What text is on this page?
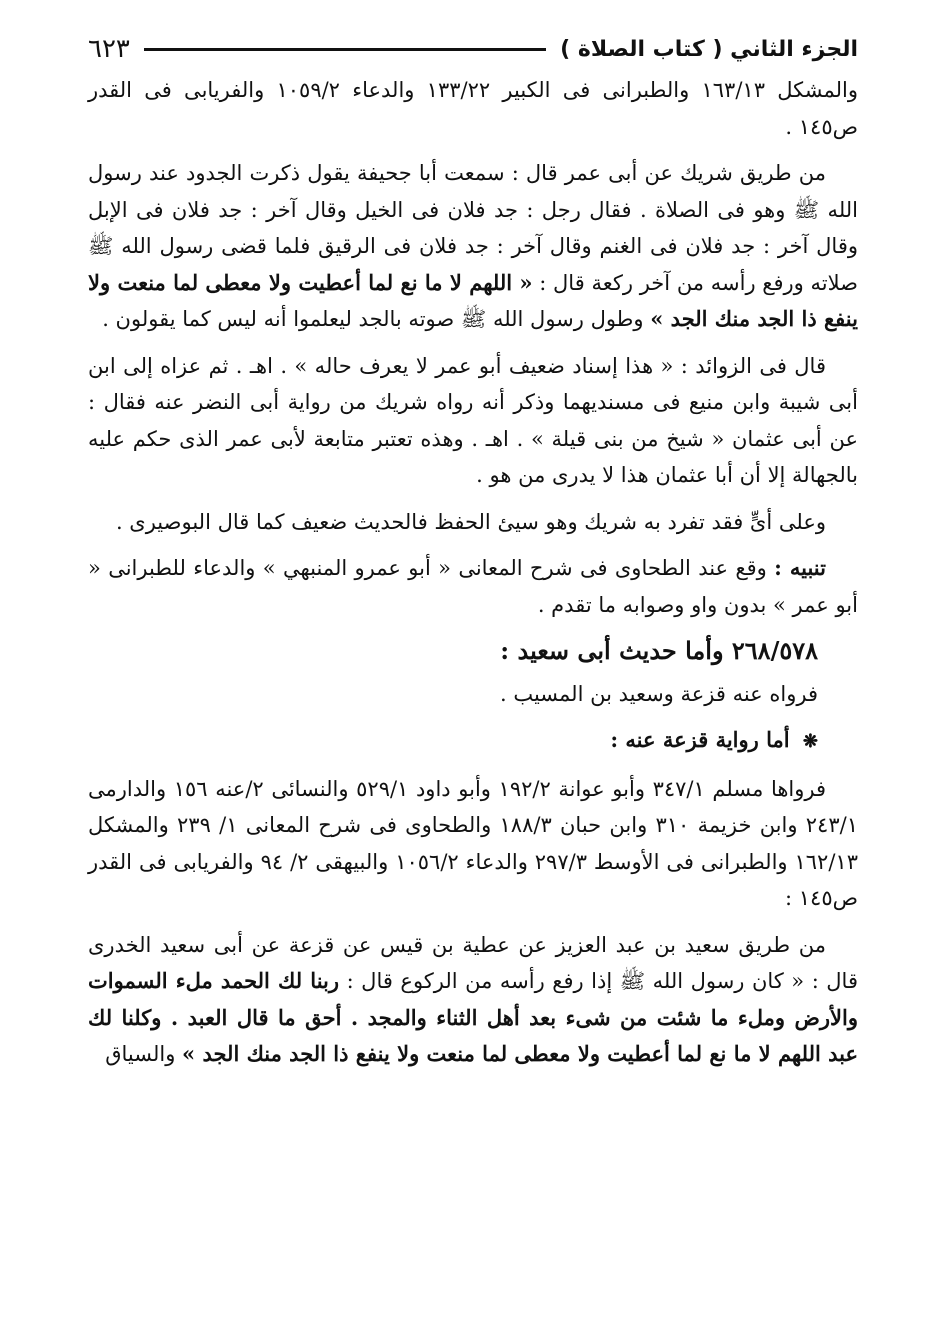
الجزء الثاني ( كتاب الصلاة )
٦٢٣

والمشكل ١٦٣/١٣ والطبرانى فى الكبير ١٣٣/٢٢ والدعاء ١٠٥٩/٢ والفريابى فى القدر ص١٤٥ .

من طريق شريك عن أبى عمر قال : سمعت أبا جحيفة يقول ذكرت الجدود عند رسول الله ﷺ وهو فى الصلاة . فقال رجل : جد فلان فى الخيل وقال آخر : جد فلان فى الإبل وقال آخر : جد فلان فى الغنم وقال آخر : جد فلان فى الرقيق فلما قضى رسول الله ﷺ صلاته ورفع رأسه من آخر ركعة قال : « اللهم لا ما نع لما أعطيت ولا معطى لما منعت ولا ينفع ذا الجد منك الجد » وطول رسول الله ﷺ صوته بالجد ليعلموا أنه ليس كما يقولون .

قال فى الزوائد : « هذا إسناد ضعيف أبو عمر لا يعرف حاله » . اهـ . ثم عزاه إلى ابن أبى شيبة وابن منيع فى مسنديهما وذكر أنه رواه شريك من رواية أبى النضر عنه فقال : عن أبى عثمان « شيخ من بنى قيلة » . اهـ . وهذه تعتبر متابعة لأبى عمر الذى حكم عليه بالجهالة إلا أن أبا عثمان هذا لا يدرى من هو .

وعلى أىٍّ فقد تفرد به شريك وهو سيئ الحفظ فالحديث ضعيف كما قال البوصيرى .

تنبيه : وقع عند الطحاوى فى شرح المعانى « أبو عمرو المنبهي » والدعاء للطبرانى « أبو عمر » بدون واو وصوابه ما تقدم .

٢٦٨/٥٧٨ وأما حديث أبى سعيد :

فرواه عنه قزعة وسعيد بن المسيب .

❋ أما رواية قزعة عنه :

فرواها مسلم ٣٤٧/١ وأبو عوانة ١٩٢/٢ وأبو داود ٥٢٩/١ والنسائى ٢/عنه ١٥٦ والدارمى ٢٤٣/١ وابن خزيمة ٣١٠ وابن حبان ١٨٨/٣ والطحاوى فى شرح المعانى ١/ ٢٣٩ والمشكل ١٦٢/١٣ والطبرانى فى الأوسط ٢٩٧/٣ والدعاء ١٠٥٦/٢ والبيهقى ٢/ ٩٤ والفريابى فى القدر ص١٤٥ :

من طريق سعيد بن عبد العزيز عن عطية بن قيس عن قزعة عن أبى سعيد الخدرى قال : « كان رسول الله ﷺ إذا رفع رأسه من الركوع قال : ربنا لك الحمد ملء السموات والأرض وملء ما شئت من شىء بعد أهل الثناء والمجد . أحق ما قال العبد . وكلنا لك عبد اللهم لا ما نع لما أعطيت ولا معطى لما منعت ولا ينفع ذا الجد منك الجد » والسياق
